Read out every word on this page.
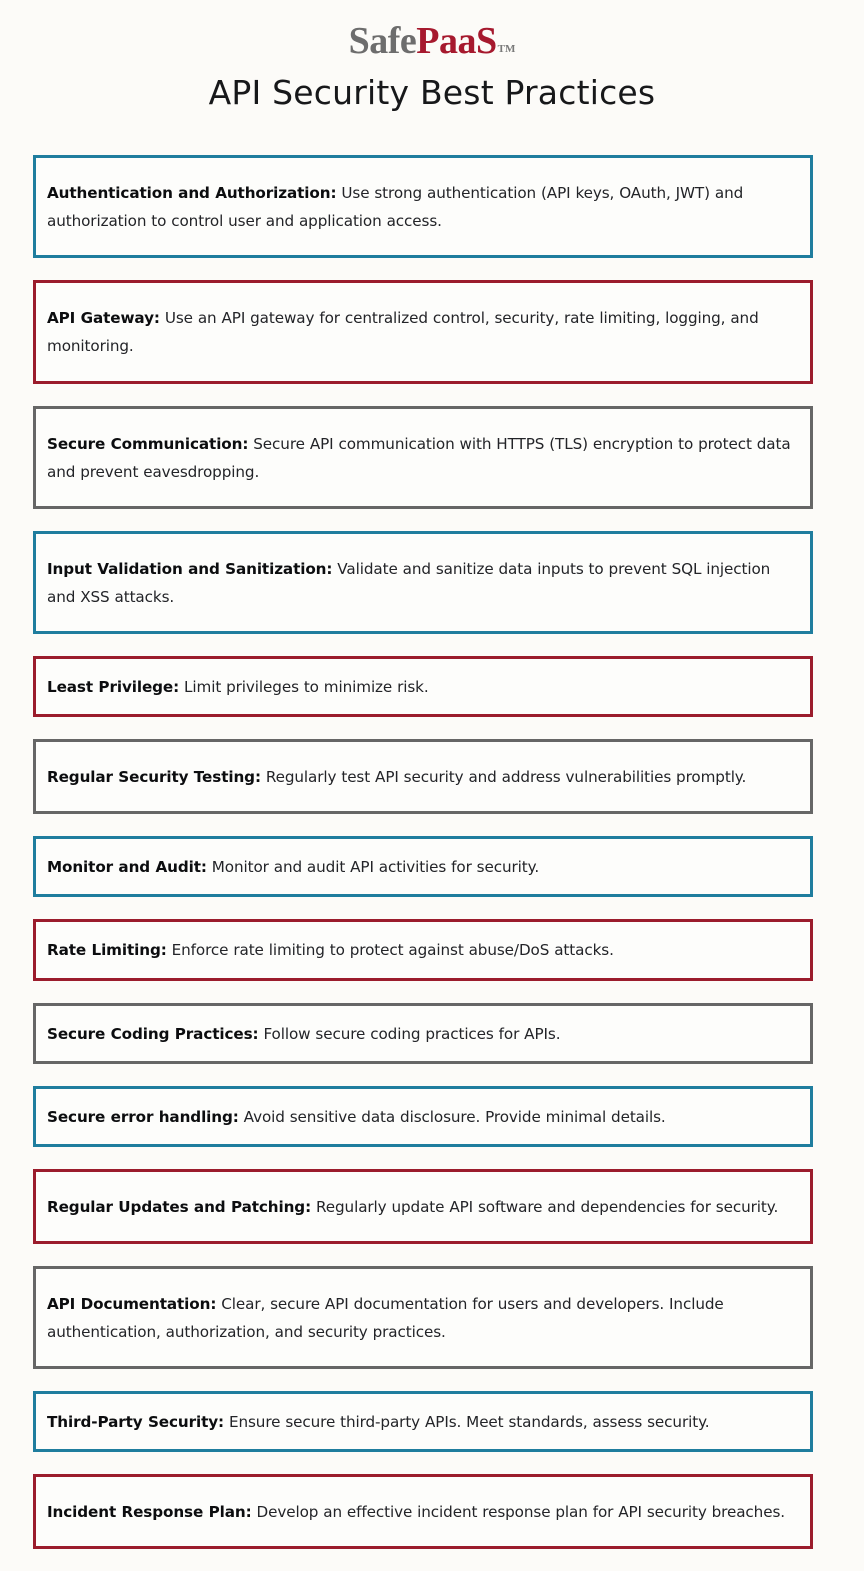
SafePaaS™
API Security Best Practices

Authentication and Authorization: Use strong authentication (API keys, OAuth, JWT) and authorization to control user and application access.

API Gateway: Use an API gateway for centralized control, security, rate limiting, logging, and monitoring.

Secure Communication: Secure API communication with HTTPS (TLS) encryption to protect data and prevent eavesdropping.

Input Validation and Sanitization: Validate and sanitize data inputs to prevent SQL injection and XSS attacks.

Least Privilege: Limit privileges to minimize risk.

Regular Security Testing: Regularly test API security and address vulnerabilities promptly.

Monitor and Audit: Monitor and audit API activities for security.

Rate Limiting: Enforce rate limiting to protect against abuse/DoS attacks.

Secure Coding Practices: Follow secure coding practices for APIs.

Secure error handling: Avoid sensitive data disclosure. Provide minimal details.

Regular Updates and Patching: Regularly update API software and dependencies for security.

API Documentation: Clear, secure API documentation for users and developers. Include authentication, authorization, and security practices.

Third-Party Security: Ensure secure third-party APIs. Meet standards, assess security.

Incident Response Plan: Develop an effective incident response plan for API security breaches.
